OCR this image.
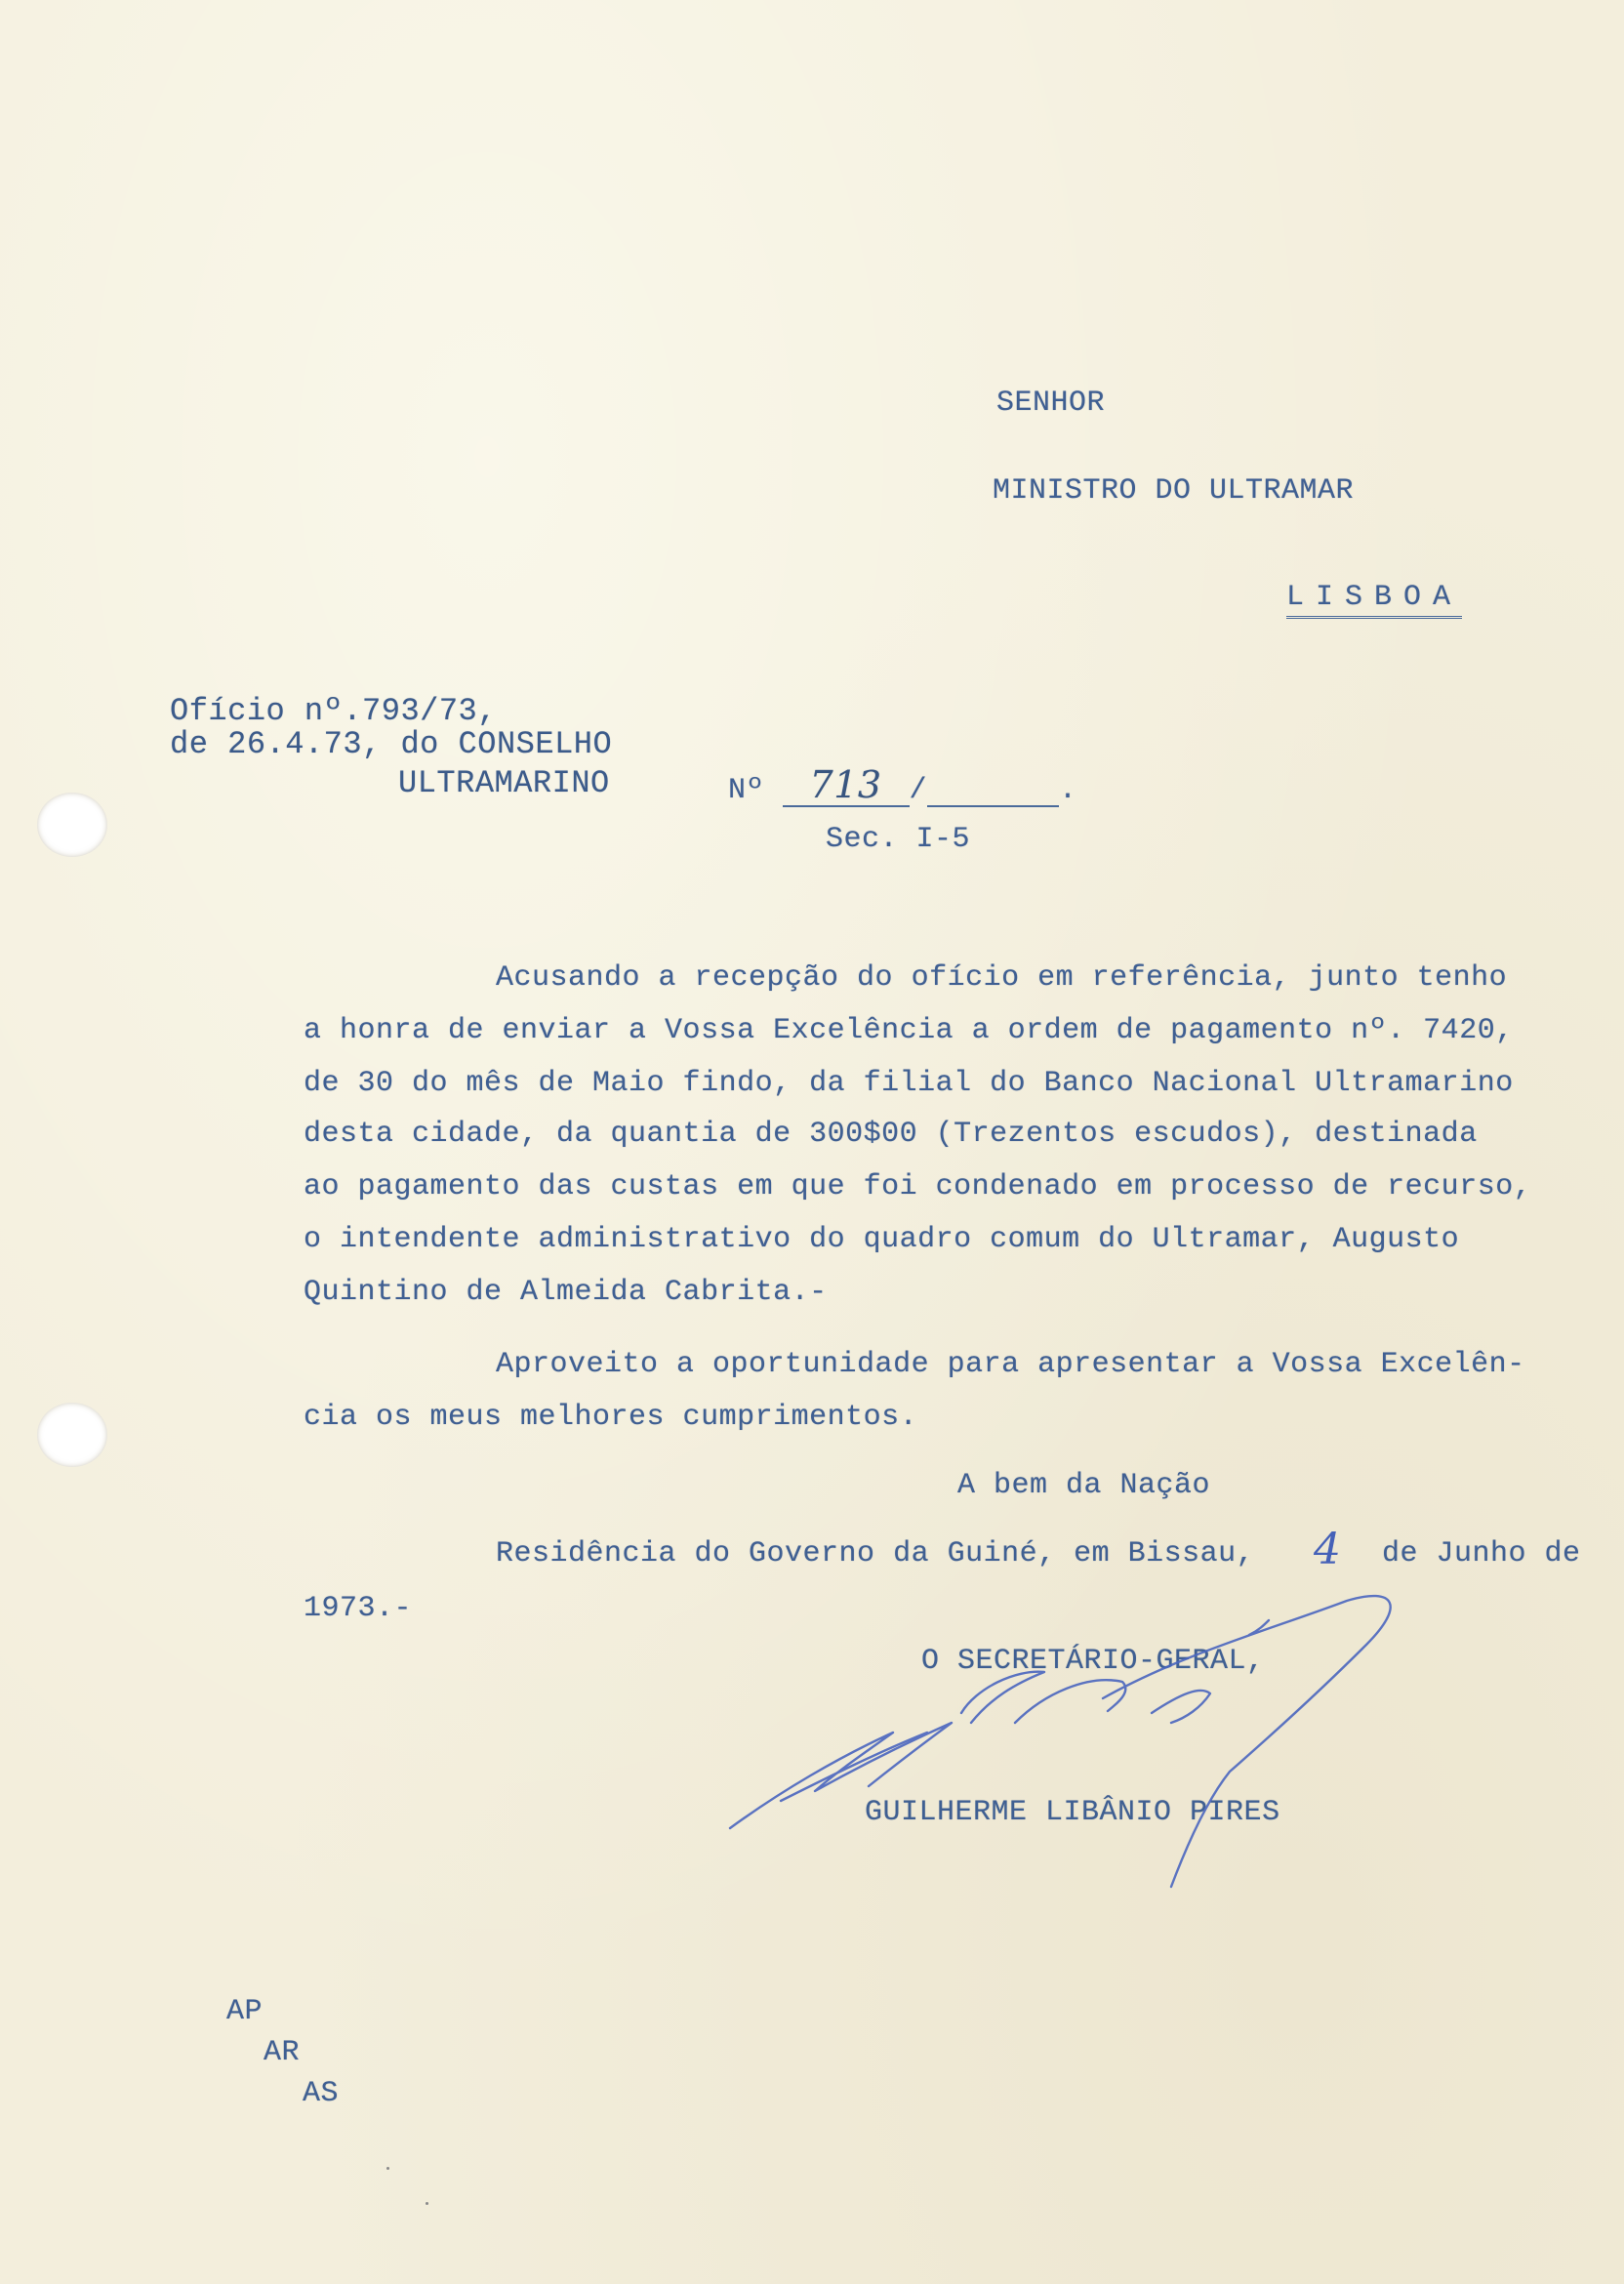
SENHOR
MINISTRO DO ULTRAMAR
LISBOA
Ofício nº.793/73,
de 26.4.73, do CONSELHO
ULTRAMARINO	Nº 713 /	.
Sec. I-5
Acusando a recepção do ofício em referência, junto tenho
a honra de enviar a Vossa Excelência a ordem de pagamento nº. 7420,
de 30 do mês de Maio findo, da filial do Banco Nacional Ultramarino
desta cidade, da quantia de 300$00 (Trezentos escudos), destinada
ao pagamento das custas em que foi condenado em processo de recurso,
o intendente administrativo do quadro comum do Ultramar, Augusto
Quintino de Almeida Cabrita.-
Aproveito a oportunidade para apresentar a Vossa Excelên-
cia os meus melhores cumprimentos.
A bem da Nação
Residência do Governo da Guiné, em Bissau, 4 de Junho de
1973.-
O SECRETÁRIO-GERAL,
GUILHERME LIBÂNIO PIRES
AP
AR
AS
